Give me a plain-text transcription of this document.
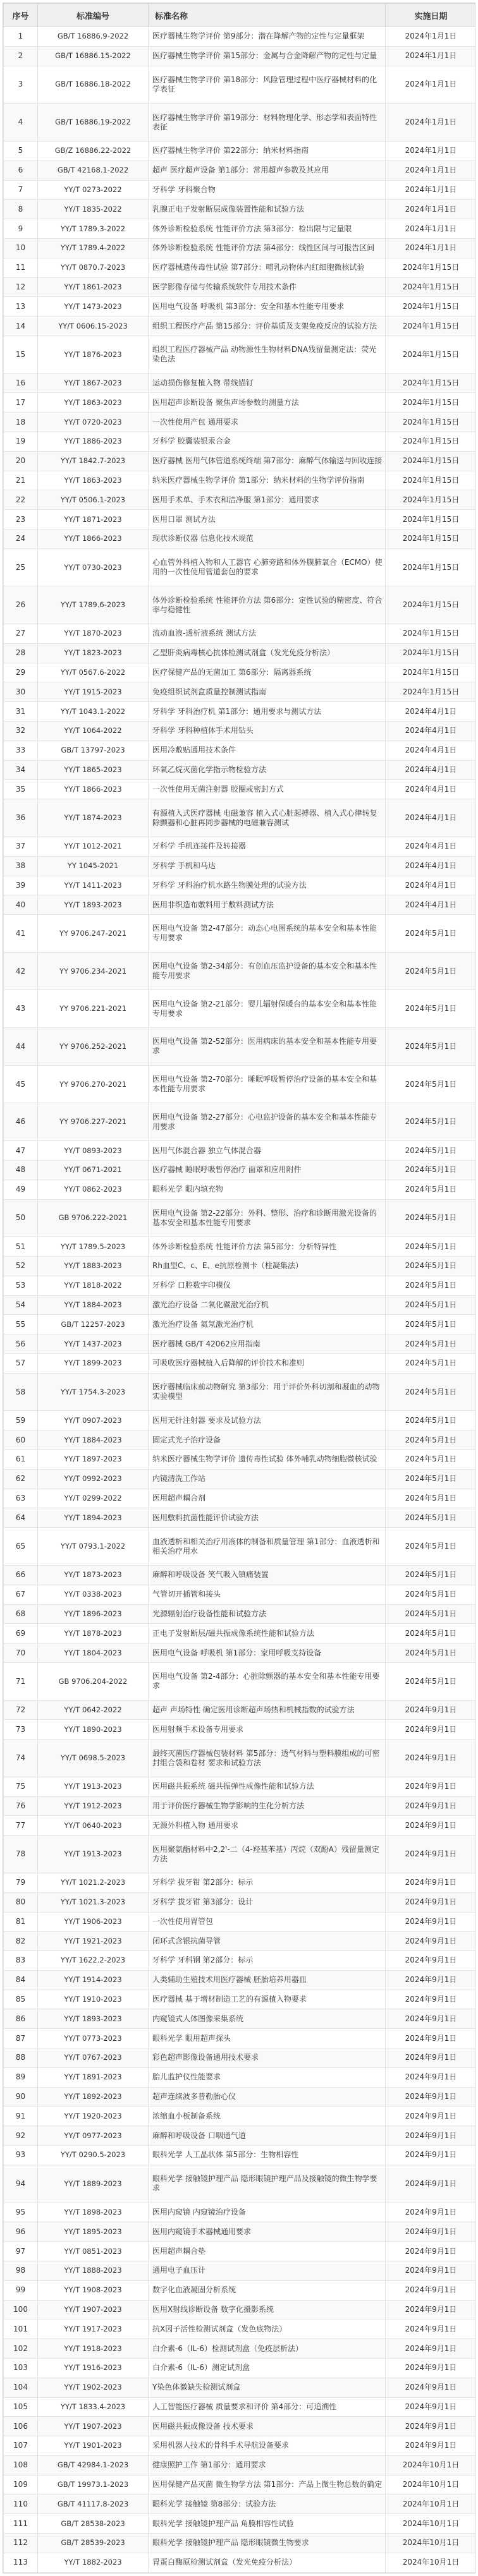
序号	标准编号	标准名称	实施日期
1	GB/T 16886.9-2022	医疗器械生物学评价 第9部分：潜在降解产物的定性与定量框架	2024年1月1日
2	GB/T 16886.15-2022	医疗器械生物学评价 第15部分：金属与合金降解产物的定性与定量	2024年1月1日
3	GB/T 16886.18-2022	医疗器械生物学评价 第18部分：风险管理过程中医疗器械材料的化学表征	2024年1月1日
4	GB/T 16886.19-2022	医疗器械生物学评价 第19部分：材料物理化学、形态学和表面特性表征	2024年1月1日
5	GB/Z 16886.22-2022	医疗器械生物学评价 第22部分：纳米材料指南	2024年1月1日
6	GB/T 42168.1-2022	超声 医疗超声设备 第1部分：常用超声参数及其应用	2024年1月1日
7	YY/T 0273-2022	牙科学 牙科聚合物	2024年1月1日
8	YY/T 1835-2022	乳腺正电子发射断层成像装置性能和试验方法	2024年1月1日
9	YY/T 1789.3-2022	体外诊断检验系统 性能评价方法 第3部分：检出限与定量限	2024年1月1日
10	YY/T 1789.4-2022	体外诊断检验系统 性能评价方法 第4部分：线性区间与可报告区间	2024年1月1日
11	YY/T 0870.7-2023	医疗器械遗传毒性试验 第7部分：哺乳动物体内红细胞微核试验	2024年1月15日
12	YY/T 1861-2023	医学影像存储与传输系统软件专用技术条件	2024年1月15日
13	YY/T 1473-2023	医用电气设备 呼吸机 第3部分：安全和基本性能专用要求	2024年1月15日
14	YY/T 0606.15-2023	组织工程医疗产品 第15部分：评价基质及支架免疫反应的试验方法	2024年1月15日
15	YY/T 1876-2023	组织工程医疗器械产品 动物源性生物材料DNA残留量测定法：荧光染色法	2024年1月15日
16	YY/T 1867-2023	运动损伤修复植入物 带线锚钉	2024年1月15日
17	YY/T 1863-2023	医用超声诊断设备 聚焦声场参数的测量方法	2024年1月15日
18	YY/T 0720-2023	一次性使用产包 通用要求	2024年1月15日
19	YY/T 1886-2023	牙科学 胶囊装银汞合金	2024年1月15日
20	YY/T 1842.7-2023	医疗器械 医用气体管道系统终端 第7部分：麻醉气体输送与回收连接	2024年1月15日
21	YY/T 1863-2023	纳米医疗器械生物学评价 第1部分：纳米材料的生物学评价指南	2024年1月15日
22	YY/T 0506.1-2023	医用手术单、手术衣和洁净服 第1部分：通用要求	2024年1月15日
23	YY/T 1871-2023	医用口罩 测试方法	2024年1月15日
24	YY/T 1866-2023	现状诊断仪器 信息化技术规范	2024年1月15日
25	YY/T 0730-2023	心血管外科植入物和人工器官 心肺旁路和体外膜肺氧合（ECMO）使用的一次性使用管道套包的要求	2024年1月15日
26	YY/T 1789.6-2023	体外诊断检验系统 性能评价方法 第6部分：定性试验的精密度、符合率与稳健性	2024年1月15日
27	YY/T 1870-2023	流动血液-透析液系统 测试方法	2024年1月15日
28	YY/T 1823-2023	乙型肝炎病毒核心抗体检测试剂盒（发光免疫分析法）	2024年1月15日
29	YY/T 0567.6-2022	医疗保健产品的无菌加工 第6部分：隔离器系统	2024年1月15日
30	YY/T 1915-2023	免疫组织试剂盒质量控制测试指南	2024年1月15日
31	YY/T 1043.1-2022	牙科学 牙科治疗机 第1部分：通用要求与测试方法	2024年4月1日
32	YY/T 1064-2022	牙科学 牙科种植体手术用钻头	2024年4月1日
33	GB/T 13797-2023	医用冷敷贴通用技术条件	2024年4月1日
34	YY/T 1865-2023	环氧乙烷灭菌化学指示物检验方法	2024年4月1日
35	YY/T 1866-2023	一次性使用无菌注射器 胶圈或密封方式	2024年4月1日
36	YY/T 1874-2023	有源植入式医疗器械 电磁兼容 植入式心脏起搏器、植入式心律转复除颤器和心脏再同步器械的电磁兼容测试	2024年4月1日
37	YY/T 1012-2021	牙科学 手机连接件及转接器	2024年4月1日
38	YY 1045-2021	牙科学 手机和马达	2024年4月1日
39	YY/T 1411-2023	牙科学 牙科治疗机水路生物膜处理的试验方法	2024年4月1日
40	YY/T 1893-2023	医用非织造布敷料用于敷料测试方法	2024年4月1日
41	YY 9706.247-2021	医用电气设备 第2-47部分：动态心电图系统的基本安全和基本性能专用要求	2024年5月1日
42	YY 9706.234-2021	医用电气设备 第2-34部分：有创血压监护设备的基本安全和基本性能专用要求	2024年5月1日
43	YY 9706.221-2021	医用电气设备 第2-21部分：婴儿辐射保暖台的基本安全和基本性能专用要求	2024年5月1日
44	YY 9706.252-2021	医用电气设备 第2-52部分：医用病床的基本安全和基本性能专用要求	2024年5月1日
45	YY 9706.270-2021	医用电气设备 第2-70部分：睡眠呼吸暂停治疗设备的基本安全和基本性能专用要求	2024年5月1日
46	YY 9706.227-2021	医用电气设备 第2-27部分：心电监护设备的基本安全和基本性能专用要求	2024年5月1日
47	YY/T 0893-2023	医用气体混合器 独立气体混合器	2024年5月1日
48	YY/T 0671-2021	医疗器械 睡眠呼吸暂停治疗 面罩和应用附件	2024年5月1日
49	YY/T 0862-2023	眼科光学 眼内填充物	2024年5月1日
50	GB 9706.222-2021	医用电气设备 第2-22部分：外科、整形、治疗和诊断用激光设备的基本安全和基本性能专用要求	2024年5月1日
51	YY/T 1789.5-2023	体外诊断检验系统 性能评价方法 第5部分：分析特异性	2024年5月1日
52	YY/T 1883-2023	Rh血型C、c、E、e抗原检测卡（柱凝集法）	2024年5月1日
53	YY/T 1818-2022	牙科学 口腔数字印模仪	2024年5月1日
54	YY/T 1884-2023	激光治疗设备 二氧化碳激光治疗机	2024年5月1日
55	GB/T 12257-2023	激光治疗设备 氦氖激光治疗机	2024年5月1日
56	YY/T 1437-2023	医疗器械 GB/T 42062应用指南	2024年5月1日
57	YY/T 1899-2023	可吸收医疗器械植入后降解的评价技术和准则	2024年5月1日
58	YY/T 1754.3-2023	医疗器械临床前动物研究 第3部分：用于评价外科切割和凝血的动物实验模型	2024年5月1日
59	YY/T 0907-2023	医用无针注射器 要求及试验方法	2024年5月1日
60	YY/T 1884-2023	固定式光子治疗设备	2024年5月1日
61	YY/T 1897-2023	纳米医疗器械生物学评价 遗传毒性试验 体外哺乳动物细胞微核试验	2024年5月1日
62	YY/T 0992-2023	内镜清洗工作站	2024年5月1日
63	YY/T 0299-2022	医用超声耦合剂	2024年5月1日
64	YY/T 1894-2023	医用敷料抗菌性能评价试验方法	2024年5月1日
65	YY/T 0793.1-2022	血液透析和相关治疗用液体的制备和质量管理 第1部分：血液透析和相关治疗用水	2024年5月1日
66	YY/T 1873-2023	麻醉和呼吸设备 笑气吸入镇痛装置	2024年5月1日
67	YY/T 0338-2023	气管切开插管和接头	2024年5月1日
68	YY/T 1896-2023	光源辐射治疗设备性能和试验方法	2024年5月1日
69	YY/T 1878-2023	正电子发射断层/磁共振成像系统性能和试验方法	2024年5月1日
70	YY/T 1804-2023	医用电气设备 呼吸机 第1部分：家用呼吸支持设备	2024年5月1日
71	GB 9706.204-2022	医用电气设备 第2-4部分：心脏除颤器的基本安全和基本性能专用要求	2024年5月1日
72	YY/T 0642-2022	超声 声场特性 确定医用诊断超声场热和机械指数的试验方法	2024年9月1日
73	YY/T 1890-2023	医用射频手术设备专用要求	2024年9月1日
74	YY/T 0698.5-2023	最终灭菌医疗器械包装材料 第5部分：透气材料与塑料膜组成的可密封组合袋和卷材 要求和试验方法	2024年9月1日
75	YY/T 1913-2023	医用磁共振系统 磁共振弹性成像性能和试验方法	2024年9月1日
76	YY/T 1912-2023	用于评价医疗器械生物学影响的生化分析方法	2024年9月1日
77	YY/T 0640-2023	无源外科植入物 通用要求	2024年9月1日
78	YY/T 1913-2023	医用聚氨酯材料中2,2'-二（4-羟基苯基）丙烷（双酚A）残留量测定方法	2024年9月1日
79	YY/T 1021.2-2023	牙科学 拔牙钳 第2部分：标示	2024年9月1日
80	YY/T 1021.3-2023	牙科学 拔牙钳 第3部分：设计	2024年9月1日
81	YY/T 1906-2023	一次性使用胃管包	2024年9月1日
82	YY/T 1921-2023	闭环式含银抗菌导管	2024年9月1日
83	YY/T 1622.2-2023	牙科学 牙科钢 第2部分：标示	2024年9月1日
84	YY/T 1914-2023	人类辅助生殖技术用医疗器械 胚胎培养用器皿	2024年9月1日
85	YY/T 1910-2023	医疗器械 基于增材制造工艺的有源植入物要求	2024年9月1日
86	YY/T 1893-2023	内窥镜式人体图像采集系统	2024年9月1日
87	YY/T 0773-2023	眼科光学 眼用超声探头	2024年9月1日
88	YY/T 0767-2023	彩色超声影像设备通用技术要求	2024年9月1日
89	YY/T 1891-2023	胎儿监护仪性能要求	2024年9月1日
90	YY/T 1892-2023	超声连续波多普勒胎心仪	2024年9月1日
91	YY/T 1920-2023	浓缩血小板制备系统	2024年9月1日
92	YY/T 0977-2023	麻醉和呼吸设备 口咽通气道	2024年9月1日
93	YY/T 0290.5-2023	眼科光学 人工晶状体 第5部分：生物相容性	2024年9月1日
94	YY/T 1889-2023	眼科光学 接触镜护理产品 隐形眼镜护理产品及接触镜的微生物学要求	2024年9月1日
95	YY/T 1898-2023	医用内窥镜 内窥镜治疗设备	2024年9月1日
96	YY/T 1895-2023	医用内窥镜手术器械通用要求	2024年9月1日
97	YY/T 0851-2023	医用超声耦合垫	2024年9月1日
98	YY/T 1888-2023	通用电子血压计	2024年9月1日
99	YY/T 1908-2023	数字化血液凝固分析系统	2024年9月1日
100	YY/T 1907-2023	医用X射线诊断设备 数字化摄影系统	2024年9月1日
101	YY/T 1917-2023	抗X因子活性检测试剂盒（发色底物法）	2024年9月1日
102	YY/T 1918-2023	白介素-6（IL-6）检测试剂盒（免疫层析法）	2024年9月1日
103	YY/T 1916-2023	白介素-6（IL-6）测定试剂盒	2024年9月1日
104	YY/T 1902-2023	Y染色体微缺失检测试剂盒	2024年9月1日
105	YY/T 1833.4-2023	人工智能医疗器械 质量要求和评价 第4部分：可追溯性	2024年9月1日
106	YY/T 1907-2023	医用磁共振成像设备 技术要求	2024年9月1日
107	YY/T 1901-2023	采用机器人技术的骨科手术导航设备要求	2024年9月1日
108	GB/T 42984.1-2023	健康照护工作 第1部分：通用要求	2024年10月1日
109	GB/T 19973.1-2023	医用保健产品灭菌 微生物学方法 第1部分：产品上微生物总数的确定	2024年10月1日
110	GB/T 41117.8-2023	眼科光学 接触镜 第8部分：试验方法	2024年10月1日
111	GB/T 28538-2023	眼科光学 接触镜护理产品 角膜相容性试验	2024年10月1日
112	GB/T 28539-2023	眼科光学 接触镜护理产品 隐形眼镜微生物要求	2024年10月1日
113	YY/T 1882-2023	胃蛋白酶原检测试剂盒（发光免疫分析法）	2024年10月1日
